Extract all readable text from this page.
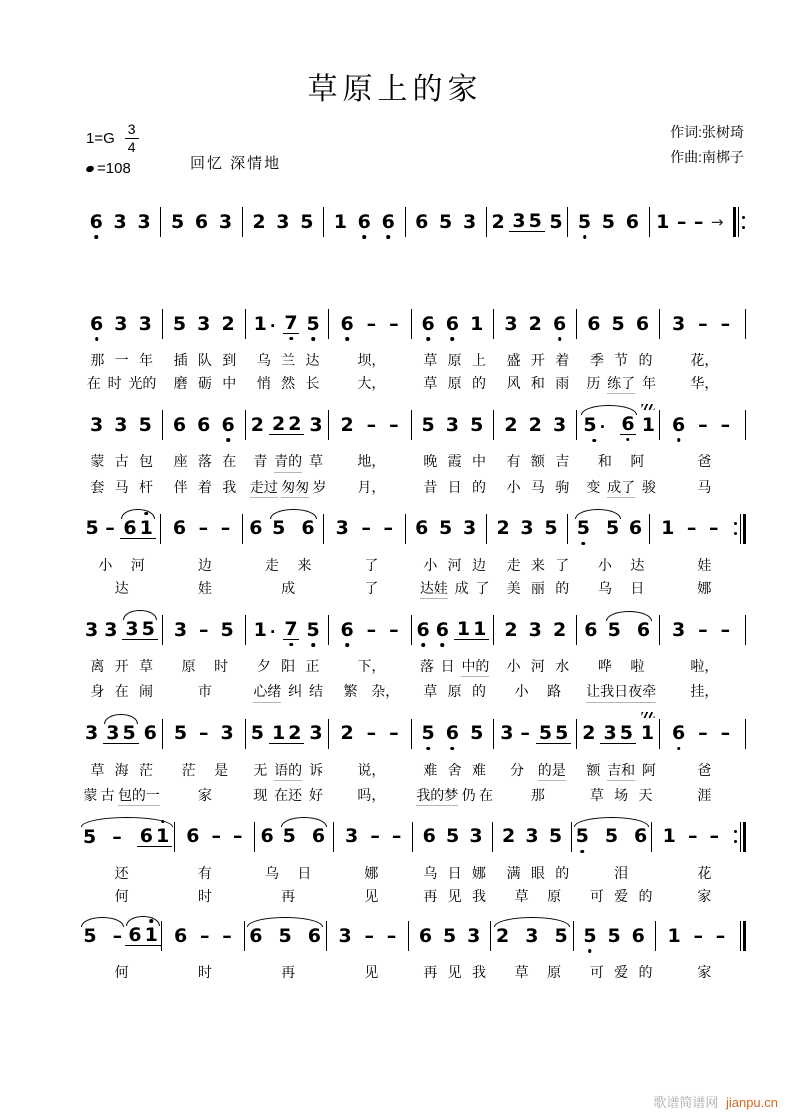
草原上的家
$1=G \frac{3}{4}$
=108	回忆 深情地
作词:张树琦
作曲:南梆子
6 3 3 5 6 3 2 3 5 1 6 6 6 5 3 2 3 5 5 5 5 6 1 – – →
6 3 3 5 3 2 1 · 7 5 6 – – 6 6 1 3 2 6 6 5 6 3 – –
那 一 年 插 队 到 乌 兰 达	坝，	草 原 上 盛 开 着 季 节 的	花，
在 时 光的 磨 砺 中 悄 然 长	大，	草 原 的 风 和 雨 历 练了 年 华，
3 3 5 6 6 6 2 2 2 3 2 – – 5 3 5 2 2 3 5 · 6 1 6 – –
蒙 古 包 座 落 在 青 青的 草 地，	晚 霞 中 有 额 吉 和 阿	爸
套 马 杆 伴 着 我 走过 匆匆 岁 月，	昔 日 的 小 马 驹 变 成了 骏	马
5 – 6 1 6 – – 6 5 6 3 – – 6 5 3 2 3 5 5 5 6 1 – –
小 河	边	走 来	了	小 河 边 走 来 了 小 达	娃
达	娃	成	了	达娃 成 了 美 丽 的 乌 日	娜
3 3 3 5 3 – 5 1 · 7 5 6 – – 6 6 1 1 2 3 2 6 5 6 3 – –
离 开 草 原 时 夕 阳 正	下， 落 日 中的 小 河 水 哗 啦	啦，
身 在 闹	市	心绪 纠 结 繁 杂， 草 原 的 小 路 让我日夜牵 挂，
3 3 5 6 5 – 3 5 1 2 3 2 – – 5 6 5 3 – 5 5 2 3 5 1 6 – –
草 海 茫 茫 是 无 语的 诉 说，	难 舍 难 分 的是 额 吉和 阿	爸
蒙 古 包的一	家	现 在还 好 吗， 我的梦 仍 在	那	草 场 天	涯
5 – 6 1 6 – – 6 5 6 3 – – 6 5 3 2 3 5 5 5 6 1 – –
还	有	乌 日	娜	乌 日 娜 满 眼 的	泪	花
何	时	再	见	再 见 我 草 原 可 爱 的	家
5 – 6 1 6 – – 6 5 6 3 – – 6 5 3 2 3 5 5 5 6 1 – –
何	时	再	见	再 见 我 草 原 可 爱 的	家
歌谱简谱网 jianpu.cn
